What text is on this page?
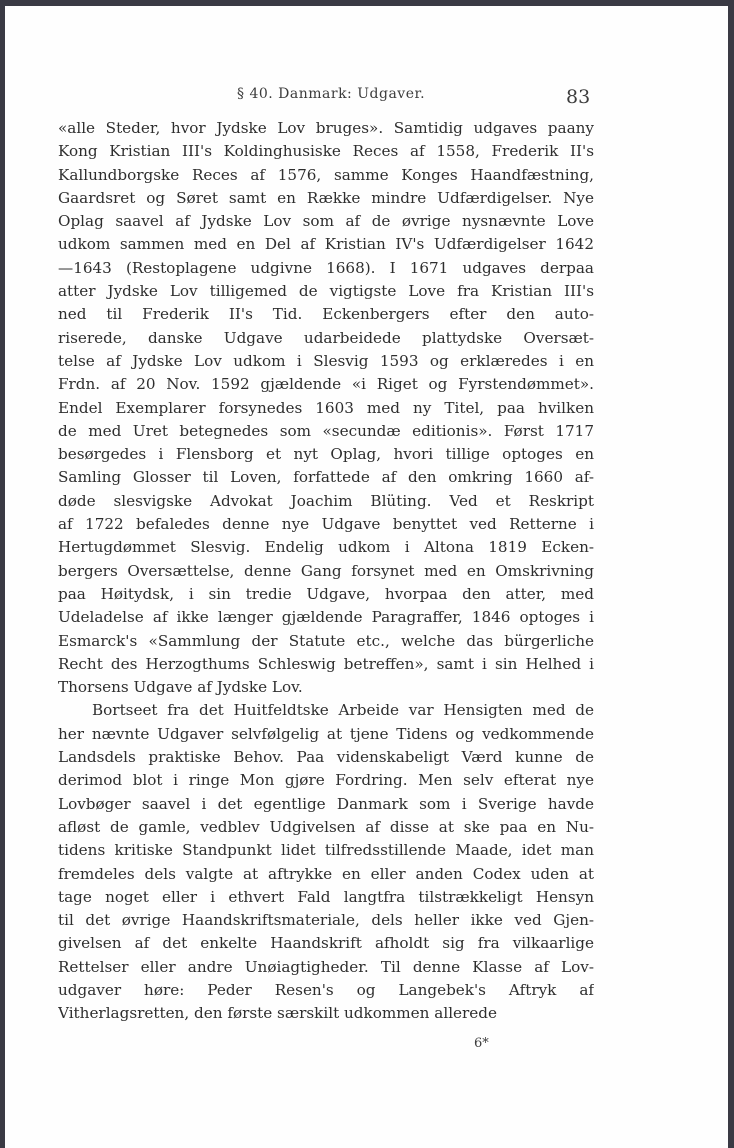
§ 40. Danmark: Udgaver.	83
«alle Steder, hvor Jydske Lov bruges». Samtidig udgaves paany
Kong Kristian III's Koldinghusiske Reces af 1558, Frederik II's
Kallundborgske Reces af 1576, samme Konges Haandfæstning,
Gaardsret og Søret samt en Række mindre Udfærdigelser. Nye
Oplag saavel af Jydske Lov som af de øvrige nysnævnte Love
udkom sammen med en Del af Kristian IV's Udfærdigelser 1642
—1643 (Restoplagene udgivne 1668). I 1671 udgaves derpaa
atter Jydske Lov tilligemed de vigtigste Love fra Kristian III's
ned til Frederik II's Tid. Eckenbergers efter den auto-
riserede, danske Udgave udarbeidede plattydske Oversæt-
telse af Jydske Lov udkom i Slesvig 1593 og erklæredes i en
Frdn. af 20 Nov. 1592 gjældende «i Riget og Fyrstendømmet».
Endel Exemplarer forsynedes 1603 med ny Titel, paa hvilken
de med Uret betegnedes som «secundæ editionis». Først 1717
besørgedes i Flensborg et nyt Oplag, hvori tillige optoges en
Samling Glosser til Loven, forfattede af den omkring 1660 af-
døde slesvigske Advokat Joachim Blüting. Ved et Reskript
af 1722 befaledes denne nye Udgave benyttet ved Retterne i
Hertugdømmet Slesvig. Endelig udkom i Altona 1819 Ecken-
bergers Oversættelse, denne Gang forsynet med en Omskrivning
paa Høitydsk, i sin tredie Udgave, hvorpaa den atter, med
Udeladelse af ikke længer gjældende Paragraffer, 1846 optoges i
Esmarck's «Sammlung der Statute etc., welche das bürgerliche
Recht des Herzogthums Schleswig betreffen», samt i sin Helhed i
Thorsens Udgave af Jydske Lov.
Bortseet fra det Huitfeldtske Arbeide var Hensigten med de
her nævnte Udgaver selvfølgelig at tjene Tidens og vedkommende
Landsdels praktiske Behov. Paa videnskabeligt Værd kunne de
derimod blot i ringe Mon gjøre Fordring. Men selv efterat nye
Lovbøger saavel i det egentlige Danmark som i Sverige havde
afløst de gamle, vedblev Udgivelsen af disse at ske paa en Nu-
tidens kritiske Standpunkt lidet tilfredsstillende Maade, idet man
fremdeles dels valgte at aftrykke en eller anden Codex uden at
tage noget eller i ethvert Fald langtfra tilstrækkeligt Hensyn
til det øvrige Haandskriftsmateriale, dels heller ikke ved Gjen-
givelsen af det enkelte Haandskrift afholdt sig fra vilkaarlige
Rettelser eller andre Unøiagtigheder. Til denne Klasse af Lov-
udgaver høre: Peder Resen's og Langebek's Aftryk af
Vitherlagsretten, den første særskilt udkommen allerede
6*
